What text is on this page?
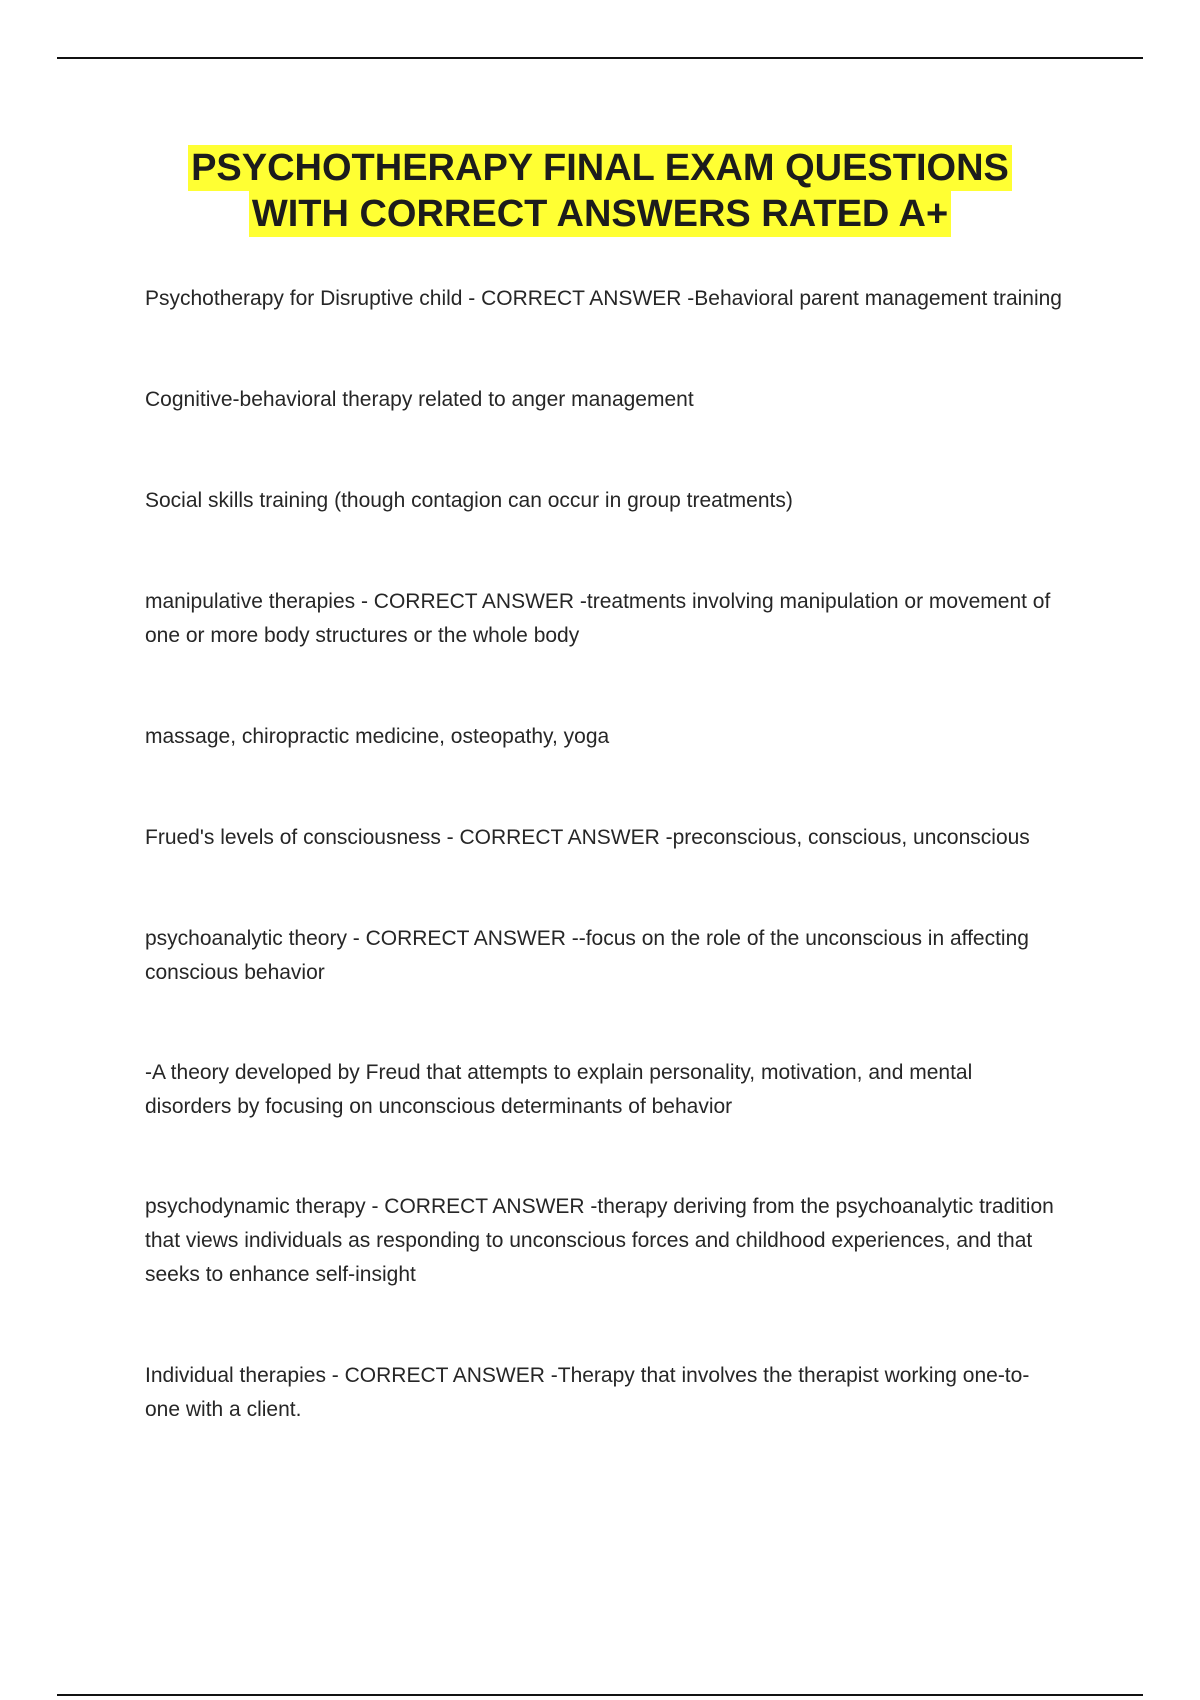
PSYCHOTHERAPY FINAL EXAM QUESTIONS
WITH CORRECT ANSWERS RATED A+

Psychotherapy for Disruptive child - CORRECT ANSWER -Behavioral parent management training

Cognitive-behavioral therapy related to anger management

Social skills training (though contagion can occur in group treatments)

manipulative therapies - CORRECT ANSWER -treatments involving manipulation or movement of
one or more body structures or the whole body

massage, chiropractic medicine, osteopathy, yoga

Frued's levels of consciousness - CORRECT ANSWER -preconscious, conscious, unconscious

psychoanalytic theory - CORRECT ANSWER --focus on the role of the unconscious in affecting
conscious behavior

-A theory developed by Freud that attempts to explain personality, motivation, and mental
disorders by focusing on unconscious determinants of behavior

psychodynamic therapy - CORRECT ANSWER -therapy deriving from the psychoanalytic tradition
that views individuals as responding to unconscious forces and childhood experiences, and that
seeks to enhance self-insight

Individual therapies - CORRECT ANSWER -Therapy that involves the therapist working one-to-
one with a client.
